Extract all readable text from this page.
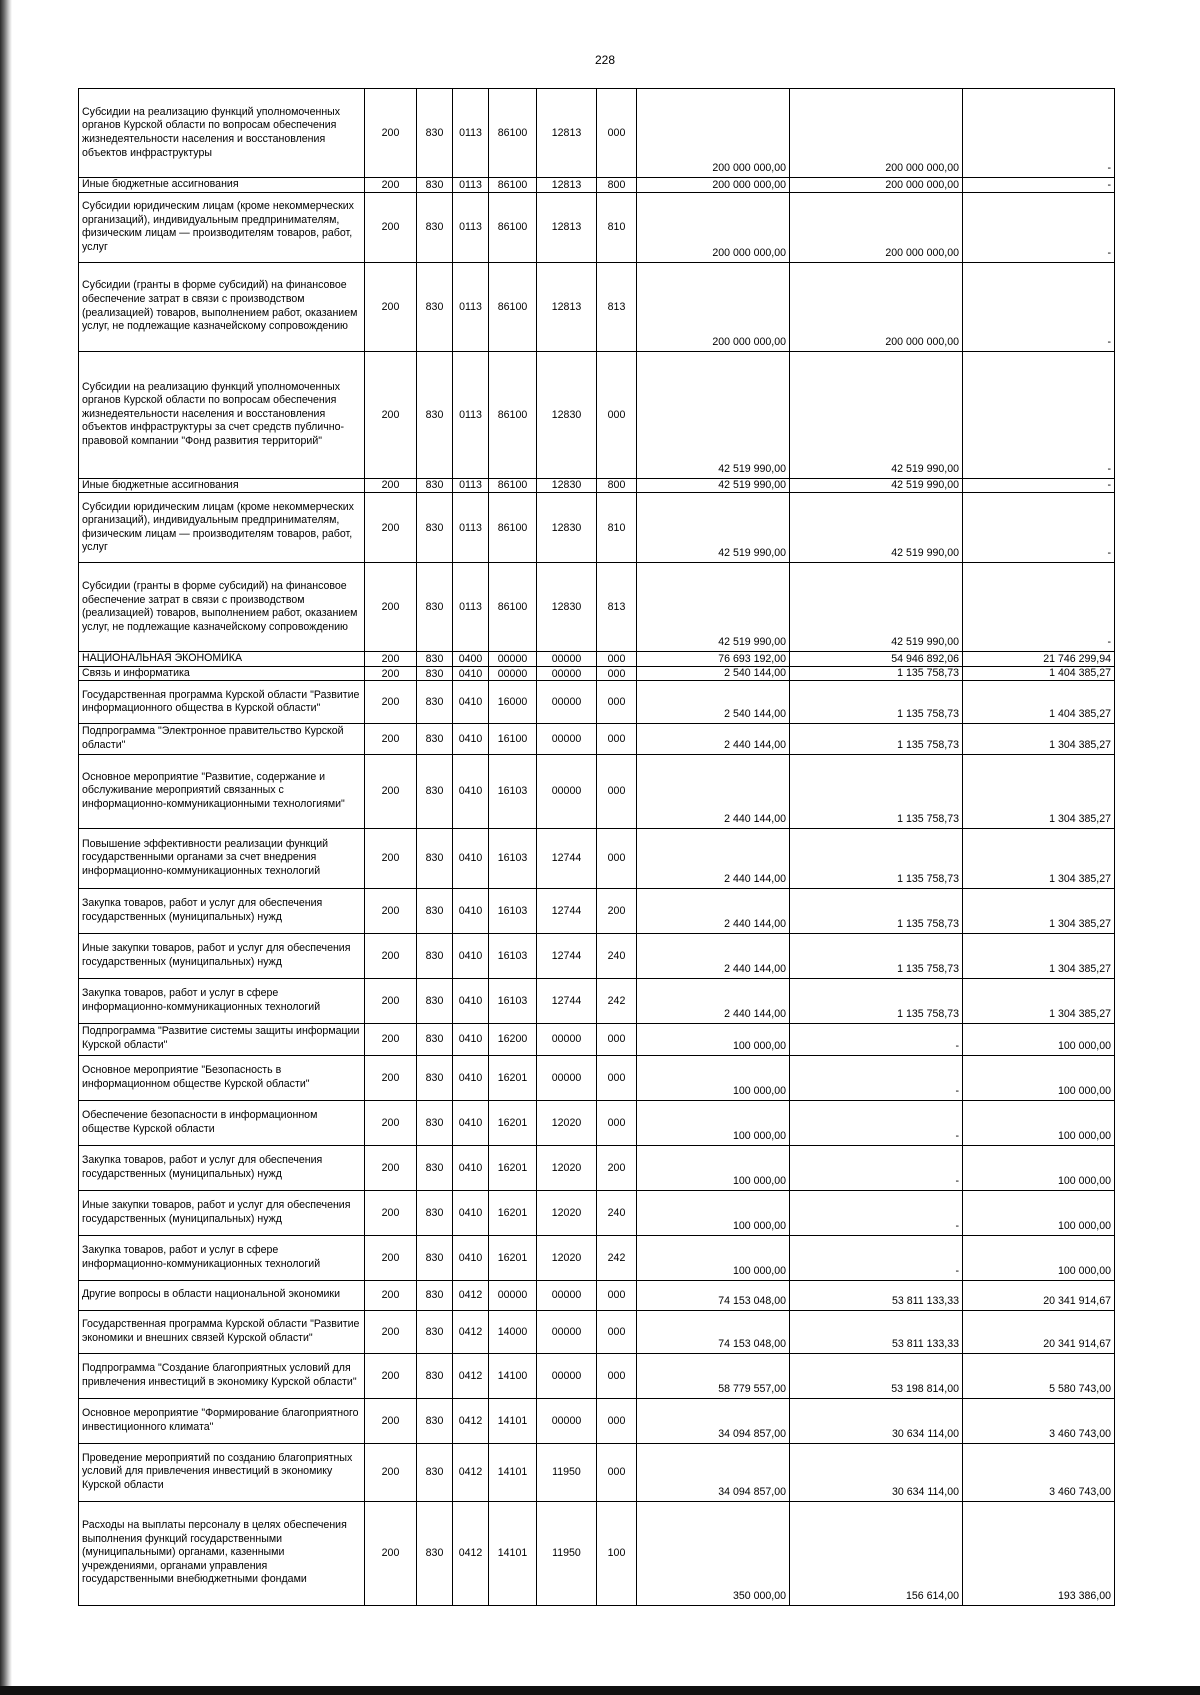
228
Субсидии на реализацию функций уполномоченных органов Курской области по вопросам обеспечения жизнедеятельности населения и восстановления объектов инфраструктуры	200	830	0113	86100	12813	000	200 000 000,00	200 000 000,00	-
Иные бюджетные ассигнования	200	830	0113	86100	12813	800	200 000 000,00	200 000 000,00	-
Субсидии юридическим лицам (кроме некоммерческих организаций), индивидуальным предпринимателям, физическим лицам — производителям товаров, работ, услуг	200	830	0113	86100	12813	810	200 000 000,00	200 000 000,00	-
Субсидии (гранты в форме субсидий) на финансовое обеспечение затрат в связи с производством (реализацией) товаров, выполнением работ, оказанием услуг, не подлежащие казначейскому сопровождению	200	830	0113	86100	12813	813	200 000 000,00	200 000 000,00	-
Субсидии на реализацию функций уполномоченных органов Курской области по вопросам обеспечения жизнедеятельности населения и восстановления объектов инфраструктуры за счет средств публично-правовой компании "Фонд развития территорий"	200	830	0113	86100	12830	000	42 519 990,00	42 519 990,00	-
Иные бюджетные ассигнования	200	830	0113	86100	12830	800	42 519 990,00	42 519 990,00	-
Субсидии юридическим лицам (кроме некоммерческих организаций), индивидуальным предпринимателям, физическим лицам — производителям товаров, работ, услуг	200	830	0113	86100	12830	810	42 519 990,00	42 519 990,00	-
Субсидии (гранты в форме субсидий) на финансовое обеспечение затрат в связи с производством (реализацией) товаров, выполнением работ, оказанием услуг, не подлежащие казначейскому сопровождению	200	830	0113	86100	12830	813	42 519 990,00	42 519 990,00	-
НАЦИОНАЛЬНАЯ ЭКОНОМИКА	200	830	0400	00000	00000	000	76 693 192,00	54 946 892,06	21 746 299,94
Связь и информатика	200	830	0410	00000	00000	000	2 540 144,00	1 135 758,73	1 404 385,27
Государственная программа Курской области "Развитие информационного общества в Курской области"	200	830	0410	16000	00000	000	2 540 144,00	1 135 758,73	1 404 385,27
Подпрограмма "Электронное правительство Курской области"	200	830	0410	16100	00000	000	2 440 144,00	1 135 758,73	1 304 385,27
Основное мероприятие "Развитие, содержание и обслуживание мероприятий связанных с информационно-коммуникационными технологиями"	200	830	0410	16103	00000	000	2 440 144,00	1 135 758,73	1 304 385,27
Повышение эффективности реализации функций государственными органами за счет внедрения информационно-коммуникационных технологий	200	830	0410	16103	12744	000	2 440 144,00	1 135 758,73	1 304 385,27
Закупка товаров, работ и услуг для обеспечения государственных (муниципальных) нужд	200	830	0410	16103	12744	200	2 440 144,00	1 135 758,73	1 304 385,27
Иные закупки товаров, работ и услуг для обеспечения государственных (муниципальных) нужд	200	830	0410	16103	12744	240	2 440 144,00	1 135 758,73	1 304 385,27
Закупка товаров, работ и услуг в сфере информационно-коммуникационных технологий	200	830	0410	16103	12744	242	2 440 144,00	1 135 758,73	1 304 385,27
Подпрограмма "Развитие системы защиты информации Курской области"	200	830	0410	16200	00000	000	100 000,00	-	100 000,00
Основное мероприятие "Безопасность в информационном обществе Курской области"	200	830	0410	16201	00000	000	100 000,00	-	100 000,00
Обеспечение безопасности в информационном обществе Курской области	200	830	0410	16201	12020	000	100 000,00	-	100 000,00
Закупка товаров, работ и услуг для обеспечения государственных (муниципальных) нужд	200	830	0410	16201	12020	200	100 000,00	-	100 000,00
Иные закупки товаров, работ и услуг для обеспечения государственных (муниципальных) нужд	200	830	0410	16201	12020	240	100 000,00	-	100 000,00
Закупка товаров, работ и услуг в сфере информационно-коммуникационных технологий	200	830	0410	16201	12020	242	100 000,00	-	100 000,00
Другие вопросы в области национальной экономики	200	830	0412	00000	00000	000	74 153 048,00	53 811 133,33	20 341 914,67
Государственная программа Курской области "Развитие экономики и внешних связей Курской области"	200	830	0412	14000	00000	000	74 153 048,00	53 811 133,33	20 341 914,67
Подпрограмма "Создание благоприятных условий для привлечения инвестиций в экономику Курской области"	200	830	0412	14100	00000	000	58 779 557,00	53 198 814,00	5 580 743,00
Основное мероприятие "Формирование благоприятного инвестиционного климата"	200	830	0412	14101	00000	000	34 094 857,00	30 634 114,00	3 460 743,00
Проведение мероприятий по созданию благоприятных условий для привлечения инвестиций в экономику Курской области	200	830	0412	14101	11950	000	34 094 857,00	30 634 114,00	3 460 743,00
Расходы на выплаты персоналу в целях обеспечения выполнения функций государственными (муниципальными) органами, казенными учреждениями, органами управления государственными внебюджетными фондами	200	830	0412	14101	11950	100	350 000,00	156 614,00	193 386,00
